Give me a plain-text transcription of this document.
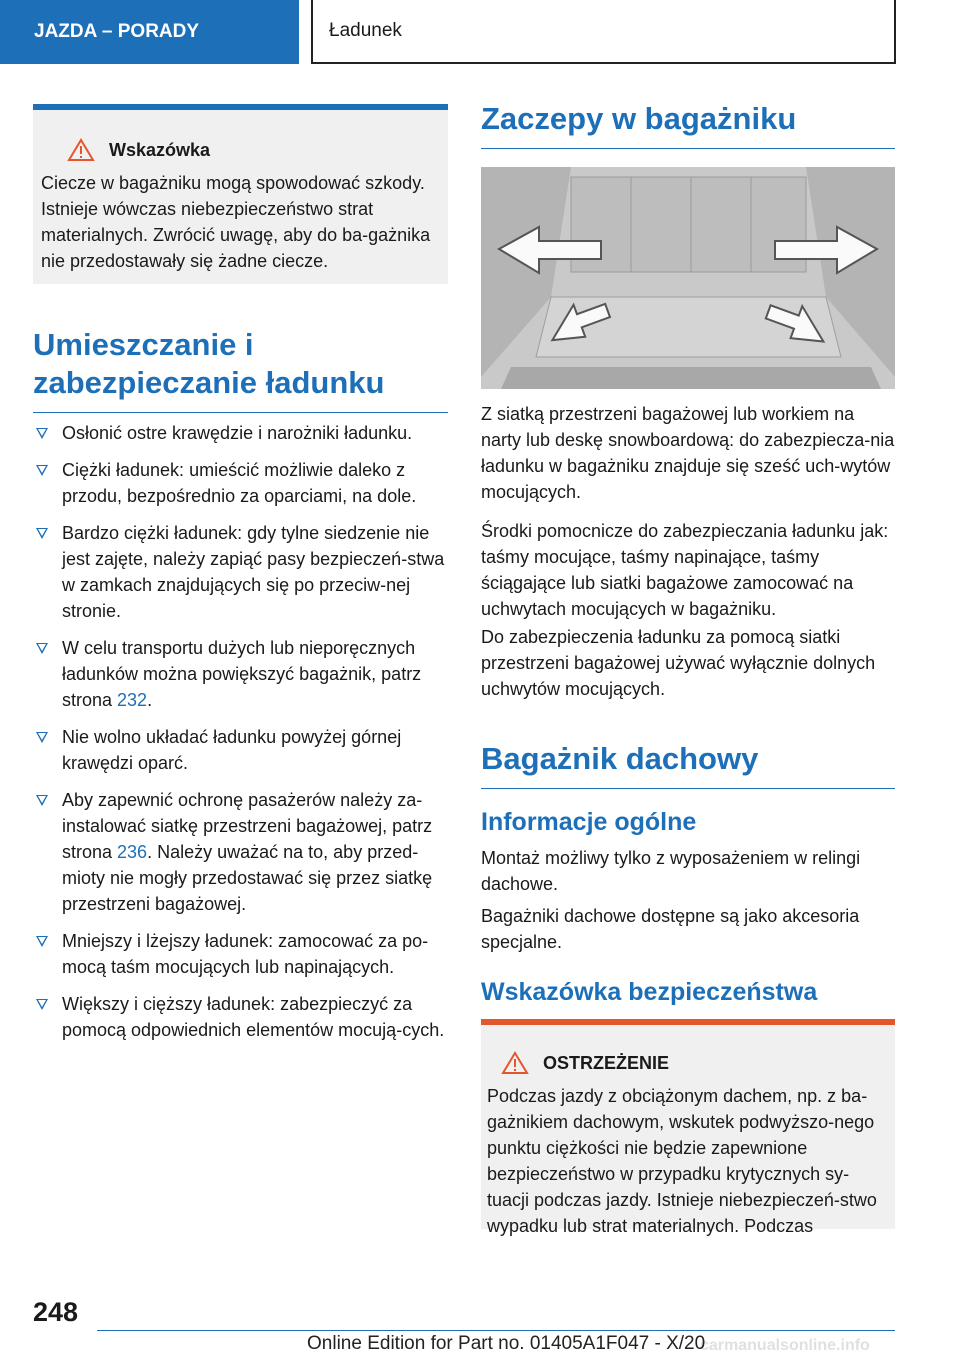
JAZDA – PORADY	Ładunek
Wskazówka
Ciecze w bagażniku mogą spowodować szkody. Istnieje wówczas niebezpieczeństwo strat materialnych. Zwrócić uwagę, aby do ba-gażnika nie przedostawały się żadne ciecze.
Umieszczanie i
zabezpieczanie ładunku
Osłonić ostre krawędzie i narożniki ładunku.
Ciężki ładunek: umieścić możliwie daleko z przodu, bezpośrednio za oparciami, na dole.
Bardzo ciężki ładunek: gdy tylne siedzenie nie jest zajęte, należy zapiąć pasy bezpieczeń-stwa w zamkach znajdujących się po przeciw-nej stronie.
W celu transportu dużych lub nieporęcznych ładunków można powiększyć bagażnik, patrz strona 232.
Nie wolno układać ładunku powyżej górnej krawędzi oparć.
Aby zapewnić ochronę pasażerów należy za-instalować siatkę przestrzeni bagażowej, patrz strona 236. Należy uważać na to, aby przed-mioty nie mogły przedostawać się przez siatkę przestrzeni bagażowej.
Mniejszy i lżejszy ładunek: zamocować za po-mocą taśm mocujących lub napinających.
Większy i cięższy ładunek: zabezpieczyć za pomocą odpowiednich elementów mocują-cych.
Zaczepy w bagażniku

Z siatką przestrzeni bagażowej lub workiem na narty lub deskę snowboardową: do zabezpiecza-nia ładunku w bagażniku znajduje się sześć uch-wytów mocujących.

Środki pomocnicze do zabezpieczania ładunku jak: taśmy mocujące, taśmy napinające, taśmy ściągające lub siatki bagażowe zamocować na uchwytach mocujących w bagażniku.

Do zabezpieczenia ładunku za pomocą siatki przestrzeni bagażowej używać wyłącznie dolnych uchwytów mocujących.

Bagażnik dachowy
Informacje ogólne

Montaż możliwy tylko z wyposażeniem w relingi dachowe.

Bagażniki dachowe dostępne są jako akcesoria specjalne.

Wskazówka bezpieczeństwa
OSTRZEŻENIE
Podczas jazdy z obciążonym dachem, np. z ba-gażnikiem dachowym, wskutek podwyższo-nego punktu ciężkości nie będzie zapewnione bezpieczeństwo w przypadku krytycznych sy-tuacji podczas jazdy. Istnieje niebezpieczeń-stwo wypadku lub strat materialnych. Podczas
248
carmanualsonline.info
Online Edition for Part no. 01405A1F047 - X/20
